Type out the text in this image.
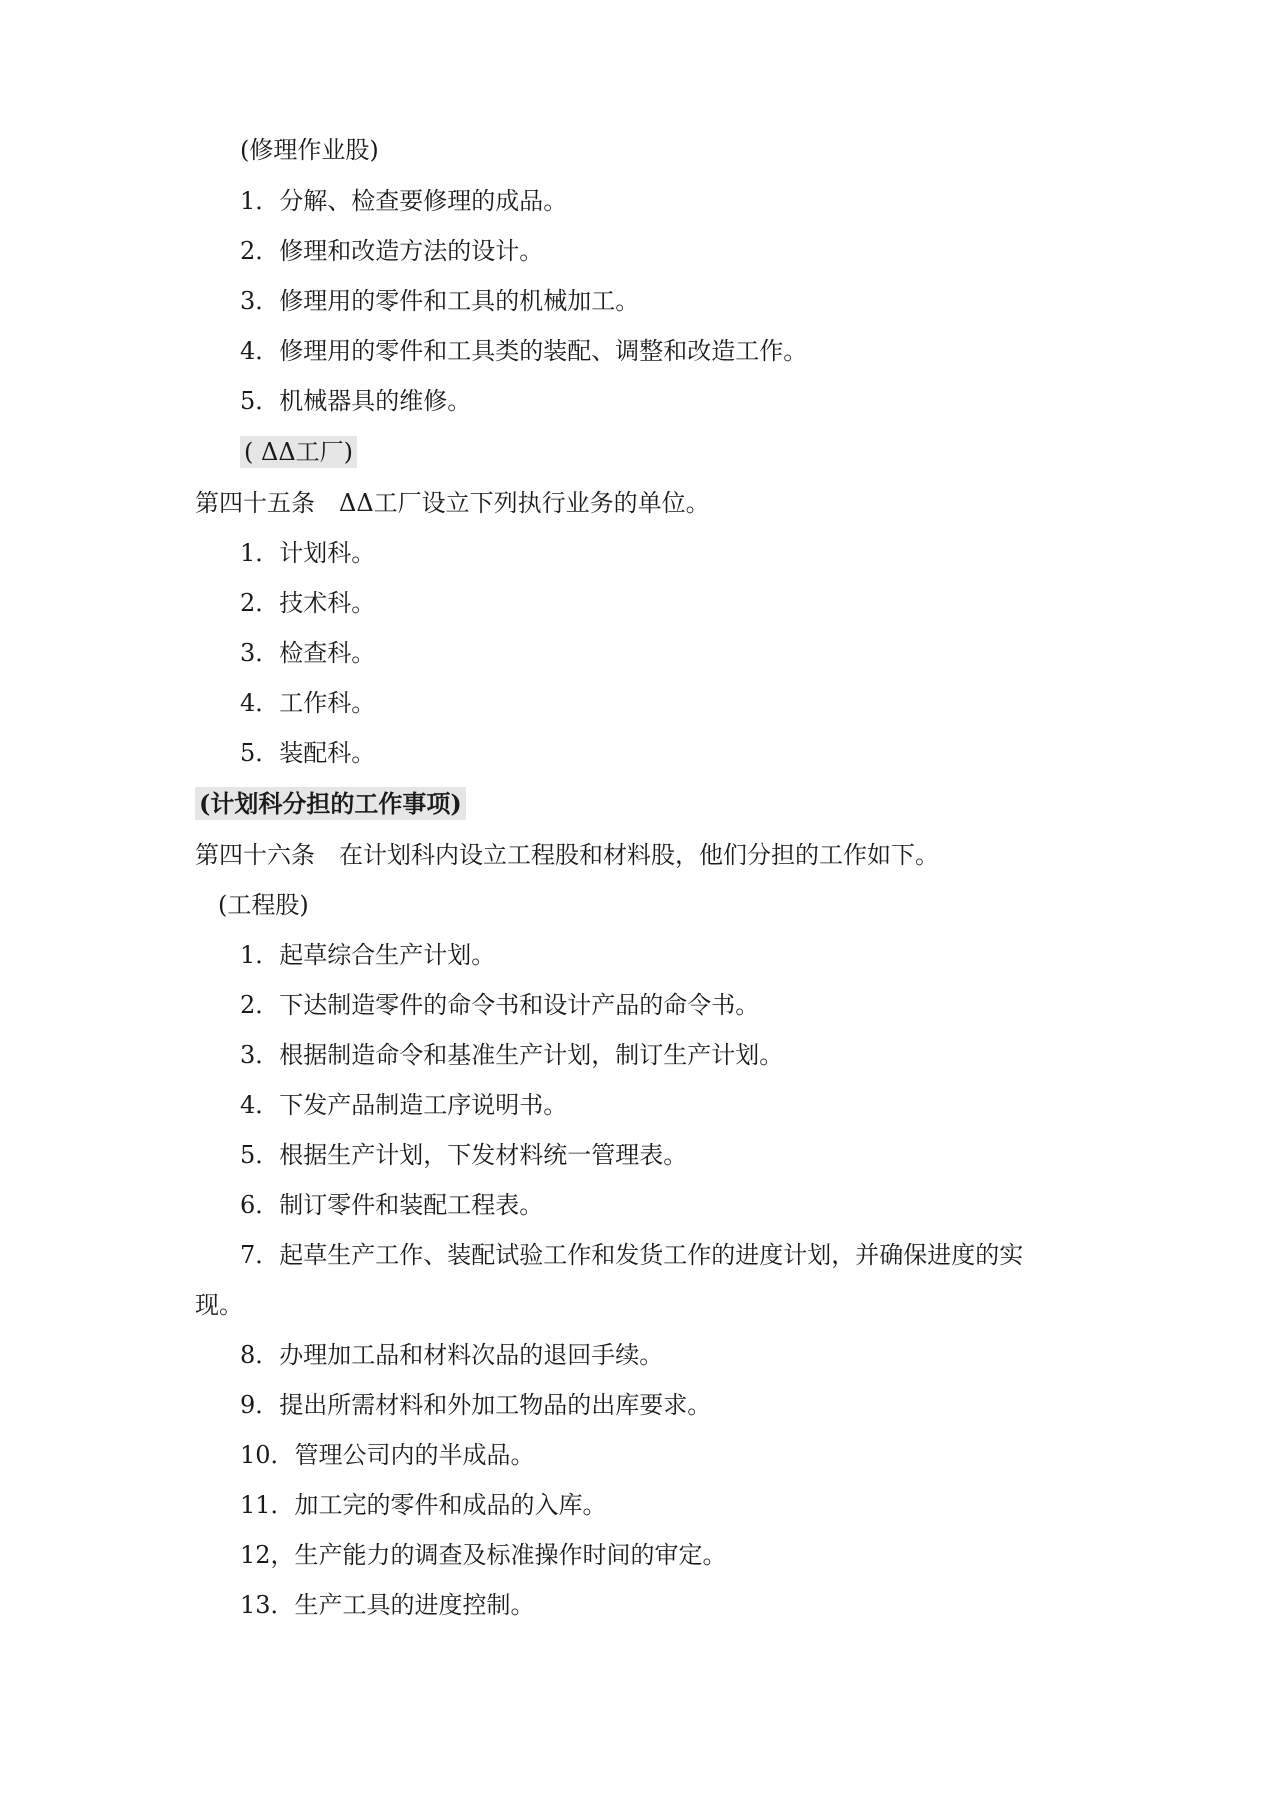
(修理作业股)
1．分解、检查要修理的成品。
2．修理和改造方法的设计。
3．修理用的零件和工具的机械加工。
4．修理用的零件和工具类的装配、调整和改造工作。
5．机械器具的维修。
( ΔΔ工厂)
第四十五条　ΔΔ工厂设立下列执行业务的单位。
1．计划科。
2．技术科。
3．检查科。
4．工作科。
5．装配科。
(计划科分担的工作事项)
第四十六条　在计划科内设立工程股和材料股，他们分担的工作如下。
(工程股)
1．起草综合生产计划。
2．下达制造零件的命令书和设计产品的命令书。
3．根据制造命令和基准生产计划，制订生产计划。
4．下发产品制造工序说明书。
5．根据生产计划，下发材料统一管理表。
6．制订零件和装配工程表。
7．起草生产工作、装配试验工作和发货工作的进度计划，并确保进度的实
现。
8．办理加工品和材料次品的退回手续。
9．提出所需材料和外加工物品的出库要求。
10．管理公司内的半成品。
11．加工完的零件和成品的入库。
12，生产能力的调查及标准操作时间的审定。
13．生产工具的进度控制。
